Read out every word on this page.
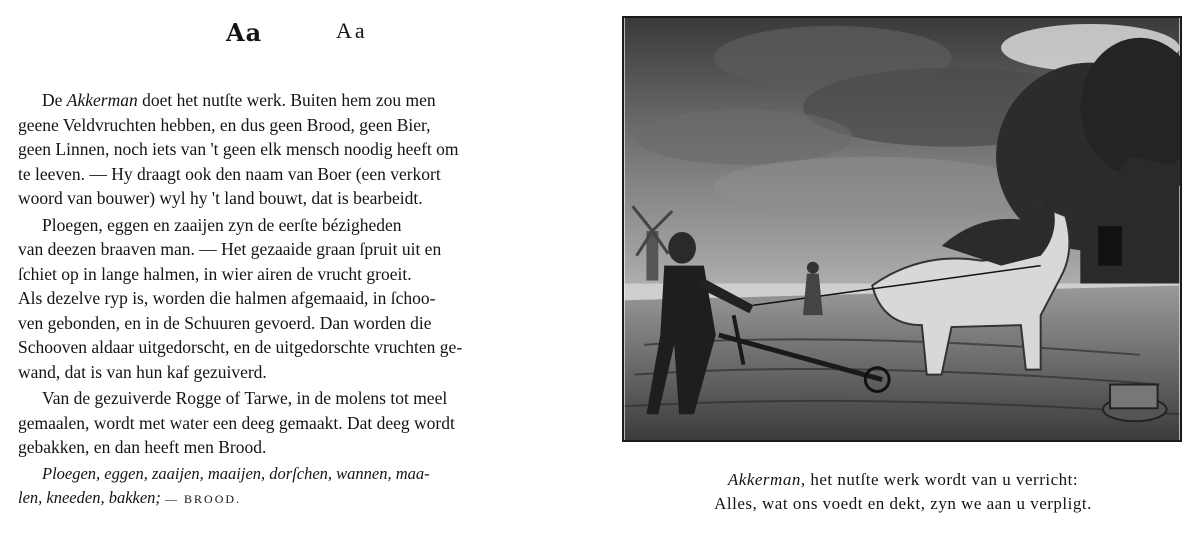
Aa	Aa

De Akkerman doet het nutſte werk. Buiten hem zou men
geene Veldvruchten hebben, en dus geen Brood, geen Bier,
geen Linnen, noch iets van 't geen elk mensch noodig heeft om
te leeven. — Hy draagt ook den naam van Boer (een verkort
woord van bouwer) wyl hy 't land bouwt, dat is bearbeidt.

Ploegen, eggen en zaaijen zyn de eerſte bézigheden
van deezen braaven man. — Het gezaaide graan ſpruit uit en
ſchiet op in lange halmen, in wier airen de vrucht groeit.
Als dezelve ryp is, worden die halmen afgemaaid, in ſchoo-
ven gebonden, en in de Schuuren gevoerd. Dan worden die
Schooven aldaar uitgedorscht, en de uitgedorschte vruchten ge-
wand, dat is van hun kaf gezuiverd.

Van de gezuiverde Rogge of Tarwe, in de molens tot meel
gemaalen, wordt met water een deeg gemaakt. Dat deeg wordt
gebakken, en dan heeft men Brood.

Ploegen, eggen, zaaijen, maaijen, dorſchen, wannen, maa-
len, kneeden, bakken; — BROOD.

Akkerman, het nutſte werk wordt van u verricht:
Alles, wat ons voedt en dekt, zyn we aan u verpligt.
